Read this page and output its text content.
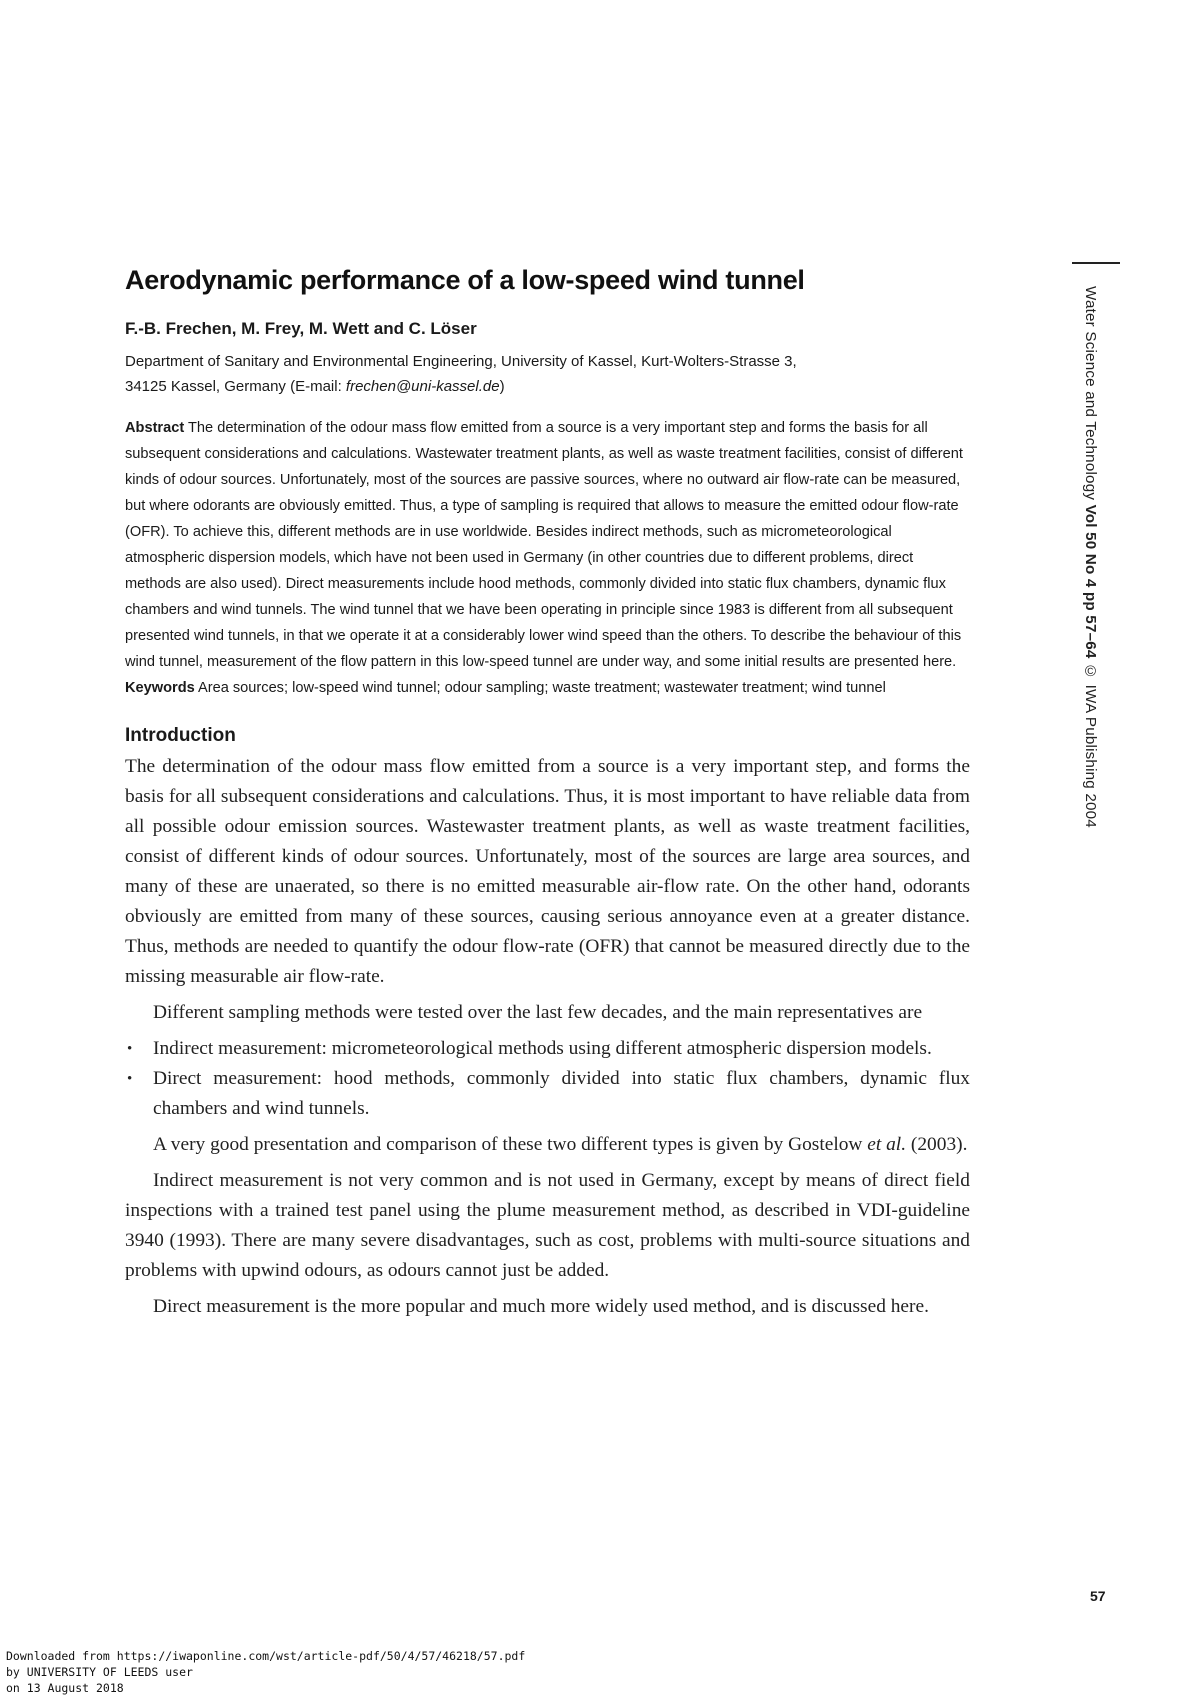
Aerodynamic performance of a low-speed wind tunnel
F.-B. Frechen, M. Frey, M. Wett and C. Löser
Department of Sanitary and Environmental Engineering, University of Kassel, Kurt-Wolters-Strasse 3,
34125 Kassel, Germany (E-mail: frechen@uni-kassel.de)

Abstract The determination of the odour mass flow emitted from a source is a very important step and forms the basis for all subsequent considerations and calculations. Wastewater treatment plants, as well as waste treatment facilities, consist of different kinds of odour sources. Unfortunately, most of the sources are passive sources, where no outward air flow-rate can be measured, but where odorants are obviously emitted. Thus, a type of sampling is required that allows to measure the emitted odour flow-rate (OFR). To achieve this, different methods are in use worldwide. Besides indirect methods, such as micrometeorological atmospheric dispersion models, which have not been used in Germany (in other countries due to different problems, direct methods are also used). Direct measurements include hood methods, commonly divided into static flux chambers, dynamic flux chambers and wind tunnels. The wind tunnel that we have been operating in principle since 1983 is different from all subsequent presented wind tunnels, in that we operate it at a considerably lower wind speed than the others. To describe the behaviour of this wind tunnel, measurement of the flow pattern in this low-speed tunnel are under way, and some initial results are presented here.

Keywords Area sources; low-speed wind tunnel; odour sampling; waste treatment; wastewater treatment; wind tunnel

Introduction

The determination of the odour mass flow emitted from a source is a very important step, and forms the basis for all subsequent considerations and calculations. Thus, it is most important to have reliable data from all possible odour emission sources. Wastewaster treatment plants, as well as waste treatment facilities, consist of different kinds of odour sources. Unfortunately, most of the sources are large area sources, and many of these are unaerated, so there is no emitted measurable air-flow rate. On the other hand, odorants obviously are emitted from many of these sources, causing serious annoyance even at a greater distance. Thus, methods are needed to quantify the odour flow-rate (OFR) that cannot be measured directly due to the missing measurable air flow-rate.

Different sampling methods were tested over the last few decades, and the main representatives are

• Indirect measurement: micrometeorological methods using different atmospheric dispersion models.
• Direct measurement: hood methods, commonly divided into static flux chambers, dynamic flux chambers and wind tunnels.

A very good presentation and comparison of these two different types is given by Gostelow et al. (2003).

Indirect measurement is not very common and is not used in Germany, except by means of direct field inspections with a trained test panel using the plume measurement method, as described in VDI-guideline 3940 (1993). There are many severe disadvantages, such as cost, problems with multi-source situations and problems with upwind odours, as odours cannot just be added.

Direct measurement is the more popular and much more widely used method, and is discussed here.

Water Science and Technology Vol 50 No 4 pp 57–64 © IWA Publishing 2004
57
Downloaded from https://iwaponline.com/wst/article-pdf/50/4/57/46218/57.pdf
by UNIVERSITY OF LEEDS user
on 13 August 2018
